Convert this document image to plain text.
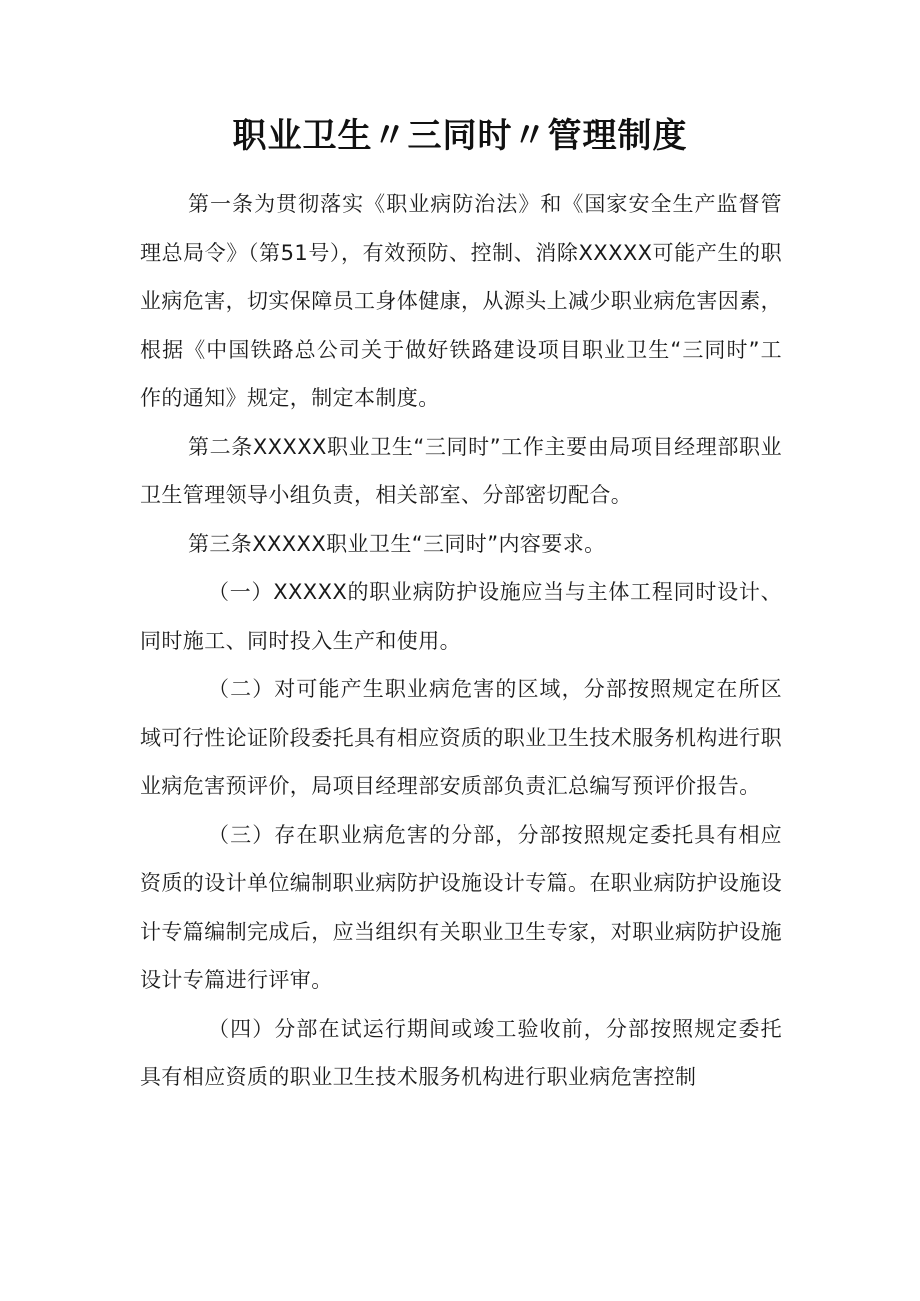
职业卫生〃三同时〃管理制度

第一条为贯彻落实《职业病防治法》和《国家安全生产监督管理总局令》（第51号），有效预防、控制、消除XXXXX可能产生的职业病危害，切实保障员工身体健康，从源头上减少职业病危害因素，根据《中国铁路总公司关于做好铁路建设项目职业卫生“三同时”工作的通知》规定，制定本制度。

第二条XXXXX职业卫生“三同时”工作主要由局项目经理部职业卫生管理领导小组负责，相关部室、分部密切配合。

第三条XXXXX职业卫生“三同时”内容要求。

（一）XXXXX的职业病防护设施应当与主体工程同时设计、同时施工、同时投入生产和使用。

（二）对可能产生职业病危害的区域，分部按照规定在所区域可行性论证阶段委托具有相应资质的职业卫生技术服务机构进行职业病危害预评价，局项目经理部安质部负责汇总编写预评价报告。

（三）存在职业病危害的分部，分部按照规定委托具有相应资质的设计单位编制职业病防护设施设计专篇。在职业病防护设施设计专篇编制完成后，应当组织有关职业卫生专家，对职业病防护设施设计专篇进行评审。

（四）分部在试运行期间或竣工验收前，分部按照规定委托具有相应资质的职业卫生技术服务机构进行职业病危害控制
